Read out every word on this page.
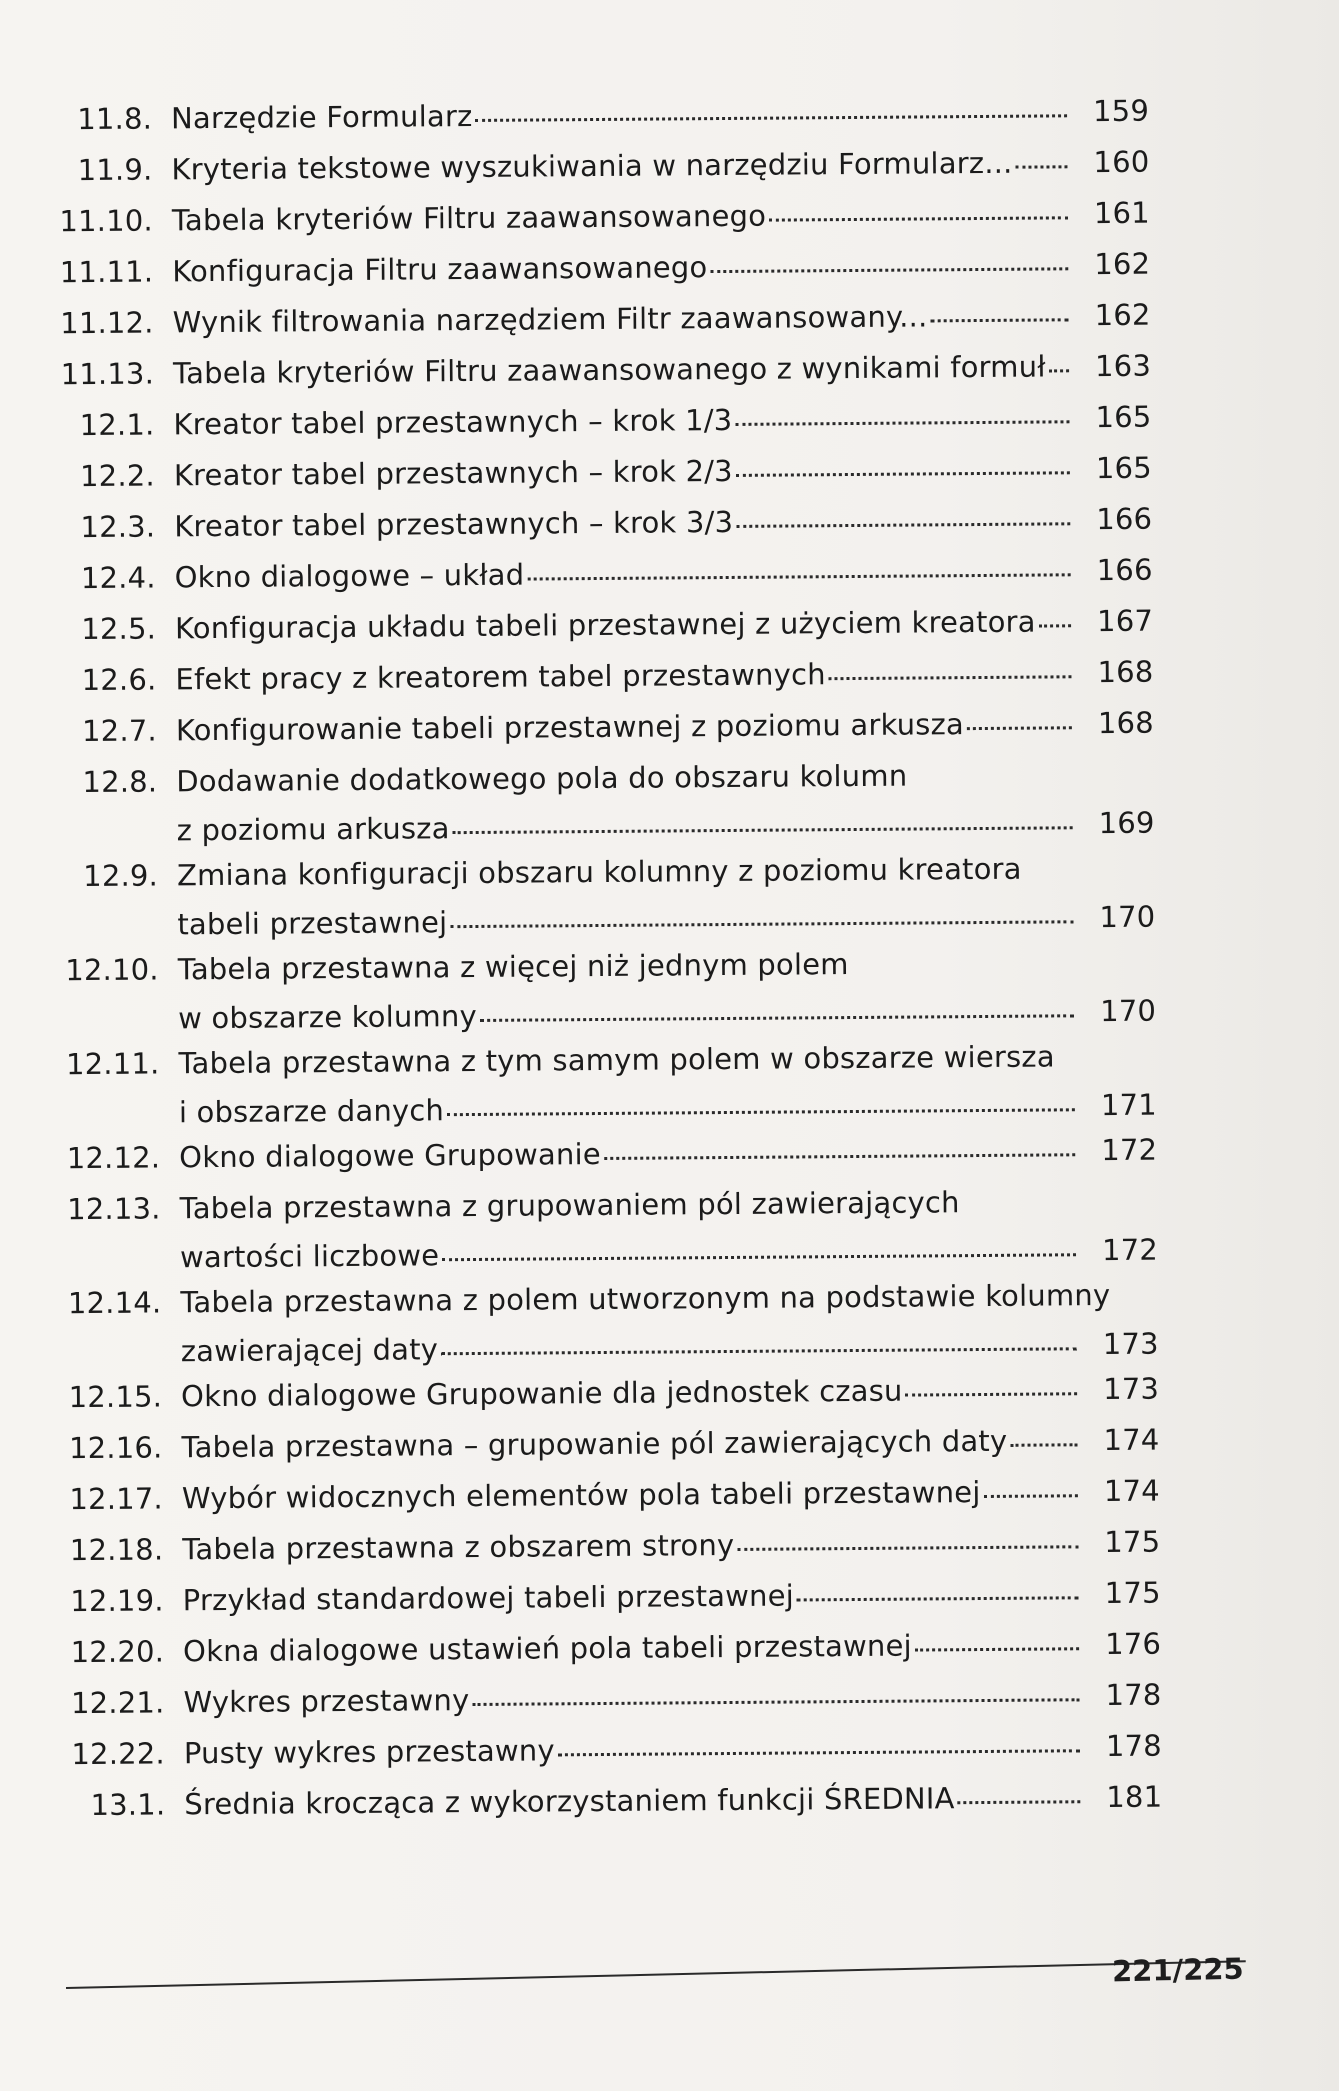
11.8. Narzędzie Formularz	159
11.9. Kryteria tekstowe wyszukiwania w narzędziu Formularz...	160
11.10. Tabela kryteriów Filtru zaawansowanego	161
11.11. Konfiguracja Filtru zaawansowanego	162
11.12. Wynik filtrowania narzędziem Filtr zaawansowany...	162
11.13. Tabela kryteriów Filtru zaawansowanego z wynikami formuł	163
12.1. Kreator tabel przestawnych – krok 1/3	165
12.2. Kreator tabel przestawnych – krok 2/3	165
12.3. Kreator tabel przestawnych – krok 3/3	166
12.4. Okno dialogowe – układ	166
12.5. Konfiguracja układu tabeli przestawnej z użyciem kreatora	167
12.6. Efekt pracy z kreatorem tabel przestawnych	168
12.7. Konfigurowanie tabeli przestawnej z poziomu arkusza	168
12.8. Dodawanie dodatkowego pola do obszaru kolumn
z poziomu arkusza	169
12.9. Zmiana konfiguracji obszaru kolumny z poziomu kreatora
tabeli przestawnej	170
12.10. Tabela przestawna z więcej niż jednym polem
w obszarze kolumny	170
12.11. Tabela przestawna z tym samym polem w obszarze wiersza
i obszarze danych	171
12.12. Okno dialogowe Grupowanie	172
12.13. Tabela przestawna z grupowaniem pól zawierających
wartości liczbowe	172
12.14. Tabela przestawna z polem utworzonym na podstawie kolumny
zawierającej daty	173
12.15. Okno dialogowe Grupowanie dla jednostek czasu	173
12.16. Tabela przestawna – grupowanie pól zawierających daty	174
12.17. Wybór widocznych elementów pola tabeli przestawnej	174
12.18. Tabela przestawna z obszarem strony	175
12.19. Przykład standardowej tabeli przestawnej	175
12.20. Okna dialogowe ustawień pola tabeli przestawnej	176
12.21. Wykres przestawny	178
12.22. Pusty wykres przestawny	178
13.1. Średnia krocząca z wykorzystaniem funkcji ŚREDNIA	181
221/225
